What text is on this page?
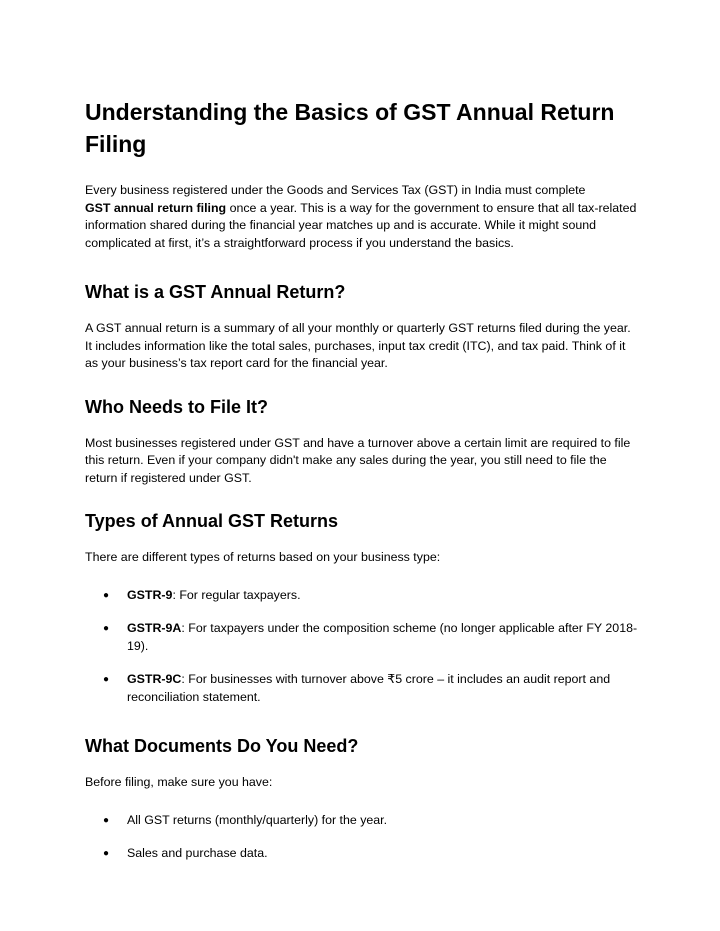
Understanding the Basics of GST Annual Return Filing

Every business registered under the Goods and Services Tax (GST) in India must complete
GST annual return filing once a year. This is a way for the government to ensure that all tax-related information shared during the financial year matches up and is accurate. While it might sound complicated at first, it’s a straightforward process if you understand the basics.

What is a GST Annual Return?

A GST annual return is a summary of all your monthly or quarterly GST returns filed during the year. It includes information like the total sales, purchases, input tax credit (ITC), and tax paid. Think of it as your business’s tax report card for the financial year.

Who Needs to File It?

Most businesses registered under GST and have a turnover above a certain limit are required to file this return. Even if your company didn't make any sales during the year, you still need to file the return if registered under GST.

Types of Annual GST Returns

There are different types of returns based on your business type:

● GSTR-9: For regular taxpayers.
● GSTR-9A: For taxpayers under the composition scheme (no longer applicable after FY 2018-19).
● GSTR-9C: For businesses with turnover above ₹5 crore – it includes an audit report and reconciliation statement.
What Documents Do You Need?

Before filing, make sure you have:

● All GST returns (monthly/quarterly) for the year.
● Sales and purchase data.
